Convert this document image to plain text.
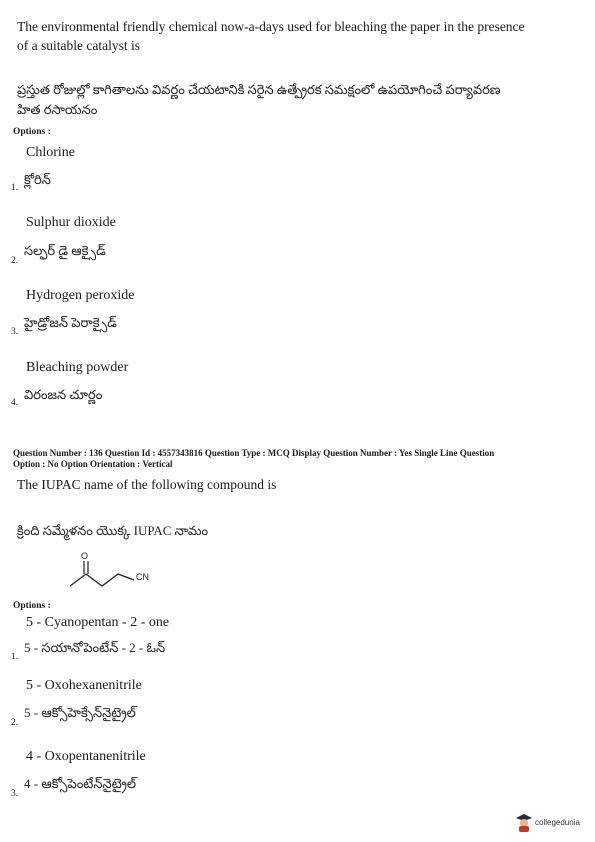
The environmental friendly chemical now-a-days used for bleaching the paper in the presence
of a suitable catalyst is
ప్రస్తుత రోజుల్లో కాగితాలను వివర్ణం చేయటానికి సరైన ఉత్ప్రేరక సమక్షంలో ఉపయోగించే పర్యావరణ
హిత రసాయనం
Options :
Chlorine
1.
క్లోరిన్
Sulphur dioxide
2.
సల్ఫర్ డై ఆక్సైడ్
Hydrogen peroxide
3.
హైడ్రోజన్ పెరాక్సైడ్
Bleaching powder
4.
విరంజన చూర్ణం
Question Number : 136 Question Id : 4557343816 Question Type : MCQ Display Question Number : Yes Single Line Question
Option : No Option Orientation : Vertical
The IUPAC name of the following compound is
క్రింది సమ్మేళనం యొక్క IUPAC నామం
O
CN
Options :
5 - Cyanopentan - 2 - one
1.
5 - సయానోపెంటేన్ - 2 - ఓన్
5 - Oxohexanenitrile
2.
5 - ఆక్సోహెక్సేన్‌నైట్రైల్
4 - Oxopentanenitrile
3.
4 - ఆక్సోపెంటేన్‌నైట్రైల్
collegedunia
